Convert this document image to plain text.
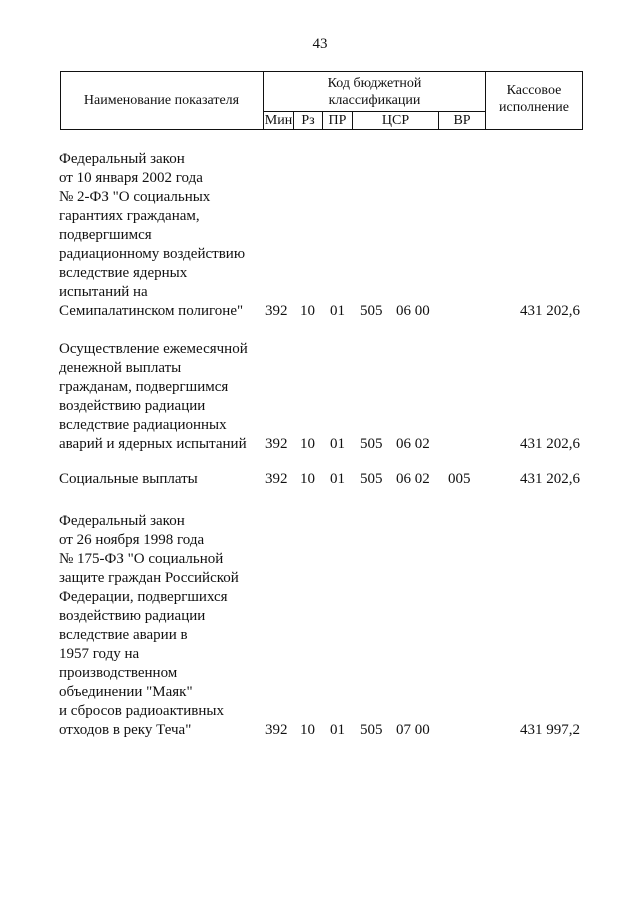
43
Наименование показателя
Код бюджетной
классификации
Мин Рз ПР	ЦСР	ВР
Кассовое
исполнение
Федеральный закон
от 10 января 2002 года
№ 2-ФЗ "О социальных
гарантиях гражданам,
подвергшимся
радиационному воздействию
вследствие ядерных
испытаний на
Семипалатинском полигоне" 392 10 01 505 06 00	431 202,6
Осуществление ежемесячной
денежной выплаты
гражданам, подвергшимся
воздействию радиации
вследствие радиационных
аварий и ядерных испытаний 392 10 01 505 06 02	431 202,6
Социальные выплаты	392 10 01 505 06 02 005	431 202,6
Федеральный закон
от 26 ноября 1998 года
№ 175-ФЗ "О социальной
защите граждан Российской
Федерации, подвергшихся
воздействию радиации
вследствие аварии в
1957 году на
производственном
объединении "Маяк"
и сбросов радиоактивных
отходов в реку Теча"	392 10 01 505 07 00	431 997,2
